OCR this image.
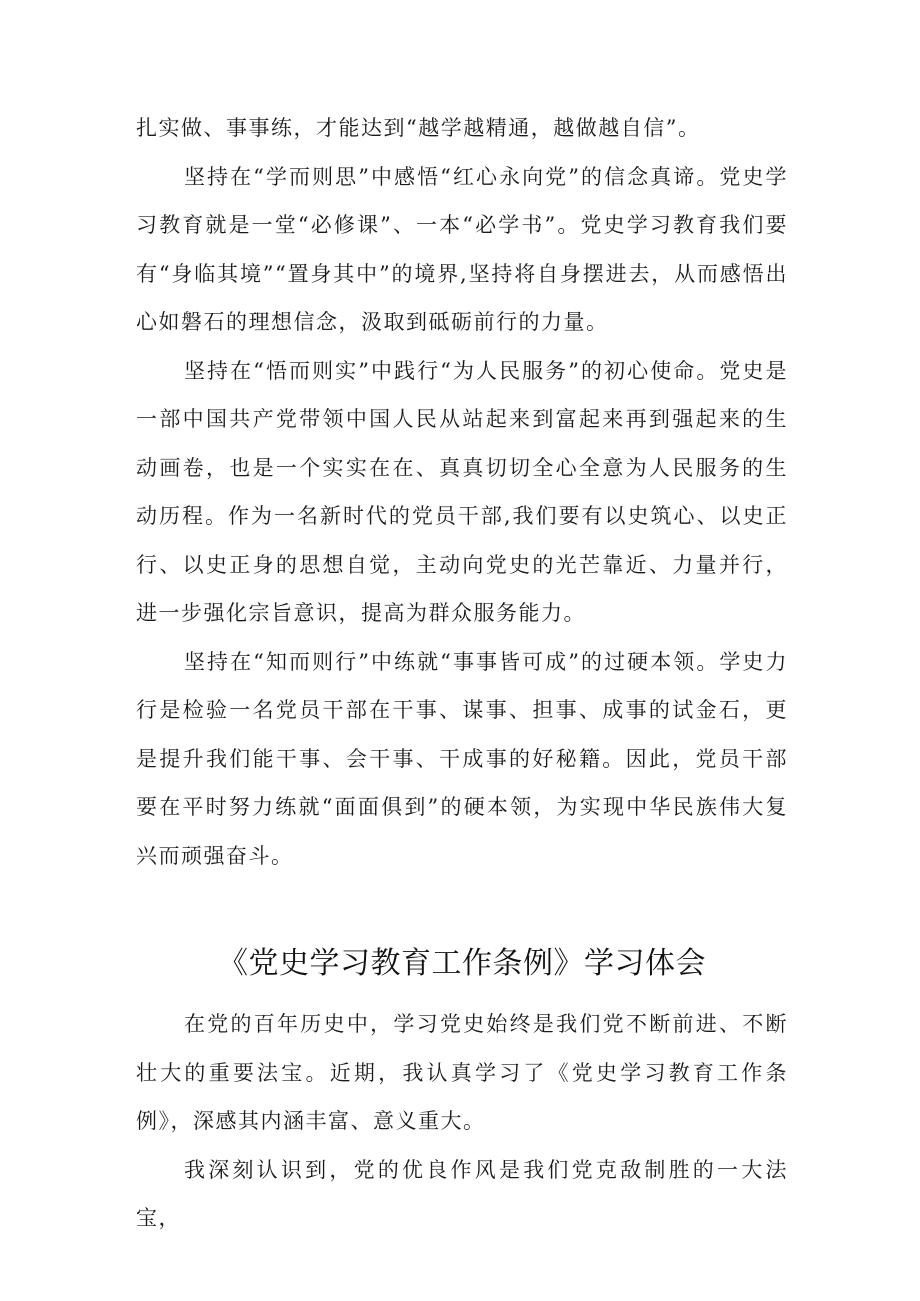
扎实做、事事练，才能达到“越学越精通，越做越自信”。

坚持在“学而则思”中感悟“红心永向党”的信念真谛。党史学习教育就是一堂“必修课”、一本“必学书”。党史学习教育我们要有“身临其境”“置身其中”的境界,坚持将自身摆进去，从而感悟出心如磐石的理想信念，汲取到砥砺前行的力量。

坚持在“悟而则实”中践行“为人民服务”的初心使命。党史是一部中国共产党带领中国人民从站起来到富起来再到强起来的生动画卷，也是一个实实在在、真真切切全心全意为人民服务的生动历程。作为一名新时代的党员干部,我们要有以史筑心、以史正行、以史正身的思想自觉，主动向党史的光芒靠近、力量并行，进一步强化宗旨意识，提高为群众服务能力。

坚持在“知而则行”中练就“事事皆可成”的过硬本领。学史力行是检验一名党员干部在干事、谋事、担事、成事的试金石，更是提升我们能干事、会干事、干成事的好秘籍。因此，党员干部要在平时努力练就“面面俱到”的硬本领，为实现中华民族伟大复兴而顽强奋斗。

《党史学习教育工作条例》学习体会

在党的百年历史中，学习党史始终是我们党不断前进、不断壮大的重要法宝。近期，我认真学习了《党史学习教育工作条例》，深感其内涵丰富、意义重大。

我深刻认识到，党的优良作风是我们党克敌制胜的一大法宝，
